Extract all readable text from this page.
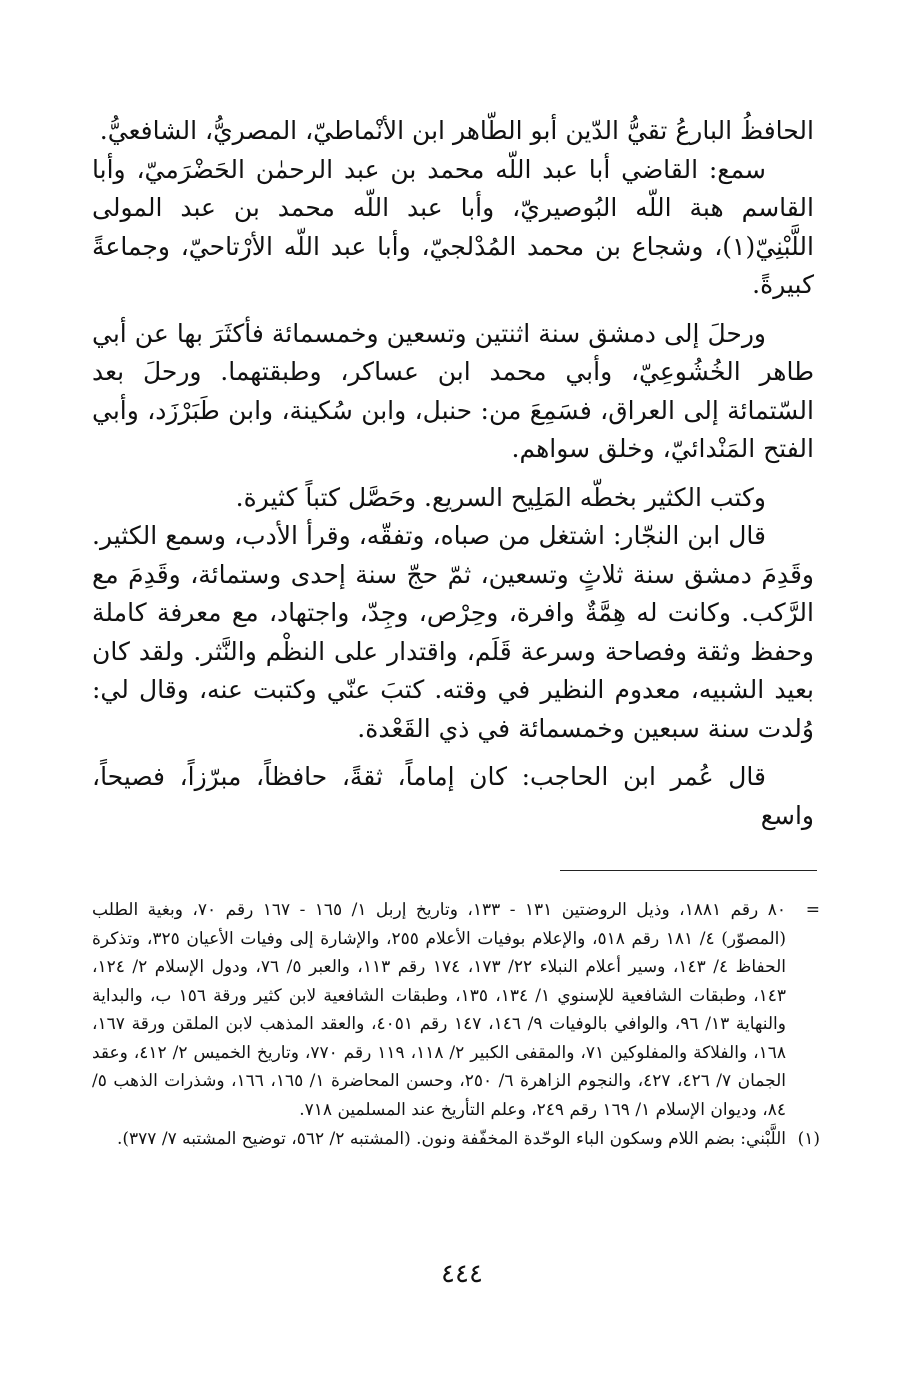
الحافظُ البارعُ تقيُّ الدّين أبو الطّاهر ابن الأنْماطيّ، المصريُّ، الشافعيُّ.

سمع: القاضي أبا عبد اللّه محمد بن عبد الرحمٰن الحَضْرَميّ، وأبا القاسم هبة اللّه البُوصيريّ، وأبا عبد اللّه محمد بن عبد المولى اللَّبْنِيّ(١)، وشجاع بن محمد المُدْلجيّ، وأبا عبد اللّه الأرْتاحيّ، وجماعةً كبيرةً.

ورحلَ إلى دمشق سنة اثنتين وتسعين وخمسمائة فأكثَرَ بها عن أبي طاهر الخُشُوعِيّ، وأبي محمد ابن عساكر، وطبقتهما. ورحلَ بعد السّتمائة إلى العراق، فسَمِعَ من: حنبل، وابن سُكينة، وابن طَبَرْزَد، وأبي الفتح المَنْدائيّ، وخلق سواهم.

وكتب الكثير بخطّه المَلِيح السريع. وحَصَّل كتباً كثيرة.

قال ابن النجّار: اشتغل من صباه، وتفقّه، وقرأ الأدب، وسمع الكثير. وقَدِمَ دمشق سنة ثلاثٍ وتسعين، ثمّ حجّ سنة إحدى وستمائة، وقَدِمَ مع الرَّكب. وكانت له هِمَّةٌ وافرة، وحِرْص، وجِدّ، واجتهاد، مع معرفة كاملة وحفظ وثقة وفصاحة وسرعة قَلَم، واقتدار على النظْم والنَّثر. ولقد كان بعيد الشبيه، معدوم النظير في وقته. كتبَ عنّي وكتبت عنه، وقال لي: وُلدت سنة سبعين وخمسمائة في ذي القَعْدة.

قال عُمر ابن الحاجب: كان إماماً، ثقةً، حافظاً، مبرّزاً، فصيحاً، واسع

=
٨٠ رقم ١٨٨١، وذيل الروضتين ١٣١ - ١٣٣، وتاريخ إربل ١/ ١٦٥ - ١٦٧ رقم ٧٠، وبغية الطلب (المصوّر) ٤/ ١٨١ رقم ٥١٨، والإعلام بوفيات الأعلام ٢٥٥، والإشارة إلى وفيات الأعيان ٣٢٥، وتذكرة الحفاظ ٤/ ١٤٣، وسير أعلام النبلاء ٢٢/ ١٧٣، ١٧٤ رقم ١١٣، والعبر ٥/ ٧٦، ودول الإسلام ٢/ ١٢٤، ١٤٣، وطبقات الشافعية للإسنوي ١/ ١٣٤، ١٣٥، وطبقات الشافعية لابن كثير ورقة ١٥٦ ب، والبداية والنهاية ١٣/ ٩٦، والوافي بالوفيات ٩/ ١٤٦، ١٤٧ رقم ٤٠٥١، والعقد المذهب لابن الملقن ورقة ١٦٧، ١٦٨، والفلاكة والمفلوكين ٧١، والمقفى الكبير ٢/ ١١٨، ١١٩ رقم ٧٧٠، وتاريخ الخميس ٢/ ٤١٢، وعقد الجمان ٧/ ٤٢٦، ٤٢٧، والنجوم الزاهرة ٦/ ٢٥٠، وحسن المحاضرة ١/ ١٦٥، ١٦٦، وشذرات الذهب ٥/ ٨٤، وديوان الإسلام ١/ ١٦٩ رقم ٢٤٩، وعلم التأريخ عند المسلمين ٧١٨.
(١)
اللَّبْني: بضم اللام وسكون الباء الوحّدة المخفّفة ونون. (المشتبه ٢/ ٥٦٢، توضيح المشتبه ٧/ ٣٧٧).
٤٤٤
